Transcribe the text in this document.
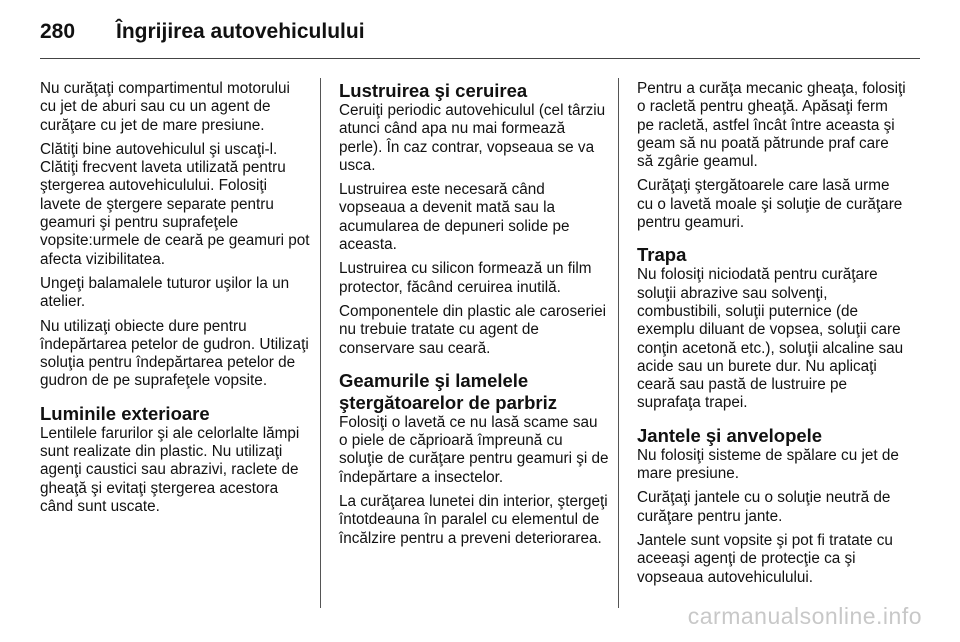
280	Îngrijirea autovehiculului

Nu curăţaţi compartimentul motorului cu jet de aburi sau cu un agent de curăţare cu jet de mare presiune.

Clătiţi bine autovehiculul şi uscaţi-l. Clătiţi frecvent laveta utilizată pentru ştergerea autovehiculului. Folosiţi lavete de ştergere separate pentru geamuri şi pentru suprafeţele vopsite:urmele de ceară pe geamuri pot afecta vizibilitatea.

Ungeţi balamalele tuturor uşilor la un atelier.

Nu utilizaţi obiecte dure pentru îndepărtarea petelor de gudron. Utilizaţi soluţia pentru îndepărtarea petelor de gudron de pe suprafeţele vopsite.

Luminile exterioare

Lentilele farurilor şi ale celorlalte lămpi sunt realizate din plastic. Nu utilizaţi agenţi caustici sau abrazivi, raclete de gheaţă şi evitaţi ştergerea acestora când sunt uscate.

Lustruirea şi ceruirea

Ceruiţi periodic autovehiculul (cel târziu atunci când apa nu mai formează perle). În caz contrar, vopseaua se va usca.

Lustruirea este necesară când vopseaua a devenit mată sau la acumularea de depuneri solide pe aceasta.

Lustruirea cu silicon formează un film protector, făcând ceruirea inutilă.

Componentele din plastic ale caroseriei nu trebuie tratate cu agent de conservare sau ceară.

Geamurile şi lamelele ştergătoarelor de parbriz

Folosiţi o lavetă ce nu lasă scame sau o piele de căprioară împreună cu soluţie de curăţare pentru geamuri şi de îndepărtare a insectelor.

La curăţarea lunetei din interior, ştergeţi întotdeauna în paralel cu elementul de încălzire pentru a preveni deteriorarea.

Pentru a curăţa mecanic gheaţa, folosiţi o racletă pentru gheaţă. Apăsaţi ferm pe racletă, astfel încât între aceasta şi geam să nu poată pătrunde praf care să zgârie geamul.

Curăţaţi ştergătoarele care lasă urme cu o lavetă moale şi soluţie de curăţare pentru geamuri.

Trapa

Nu folosiţi niciodată pentru curăţare soluţii abrazive sau solvenţi, combustibili, soluţii puternice (de exemplu diluant de vopsea, soluţii care conţin acetonă etc.), soluţii alcaline sau acide sau un burete dur. Nu aplicaţi ceară sau pastă de lustruire pe suprafaţa trapei.

Jantele şi anvelopele

Nu folosiţi sisteme de spălare cu jet de mare presiune.

Curăţaţi jantele cu o soluţie neutră de curăţare pentru jante.

Jantele sunt vopsite şi pot fi tratate cu aceeaşi agenţi de protecţie ca şi vopseaua autovehiculului.

carmanualsonline.info
